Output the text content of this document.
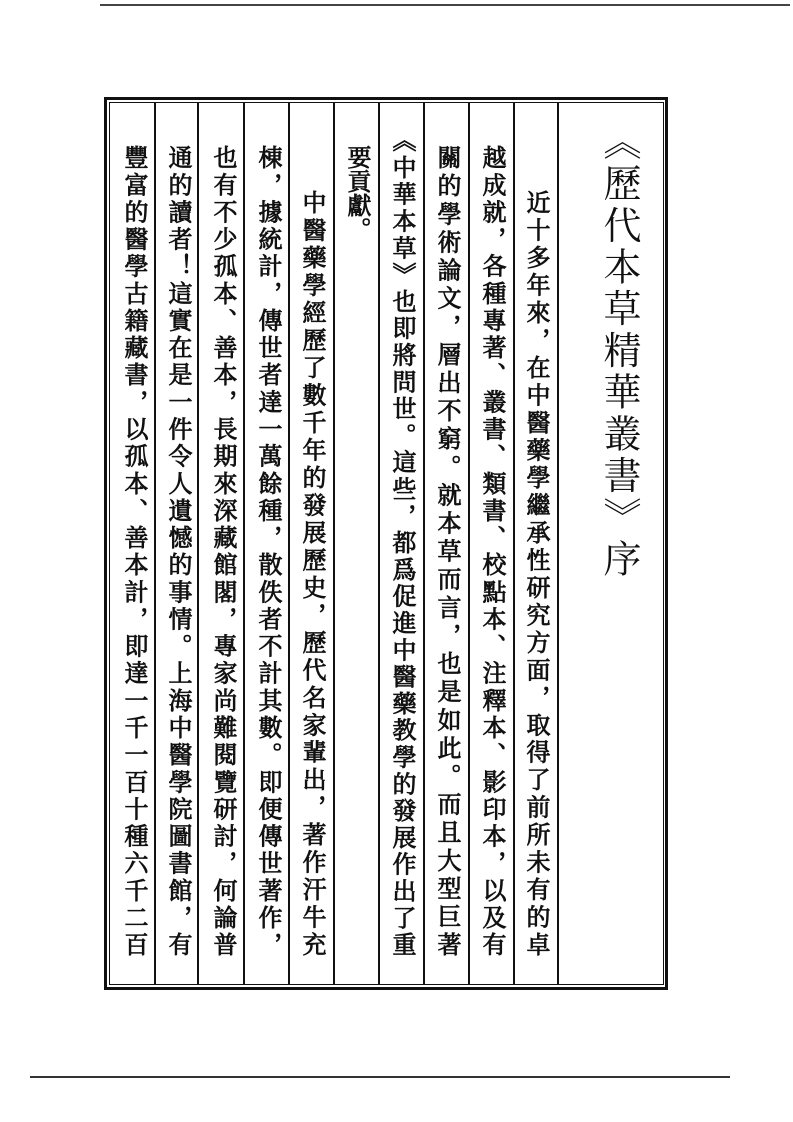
《歷代本草精華叢書》序
近十多年來，在中醫藥學繼承性研究方面，取得了前所未有的卓
越成就，各種專著、叢書、類書、校點本、注釋本、影印本，以及有
關的學術論文，層出不窮。就本草而言，也是如此。而且大型巨著
《中華本草》也即將問世。這些，都爲促進中醫藥教學的發展作出了重
要貢獻。
中醫藥學經歷了數千年的發展歷史，歷代名家輩出，著作汗牛充
棟，據統計，傳世者達一萬餘種，散佚者不計其數。即便傳世著作，
也有不少孤本、善本，長期來深藏館閣，專家尚難閱覽研討，何論普
通的讀者！這實在是一件令人遺憾的事情。上海中醫學院圖書館，有
豐富的醫學古籍藏書，以孤本、善本計，即達一千一百十種六千二百
